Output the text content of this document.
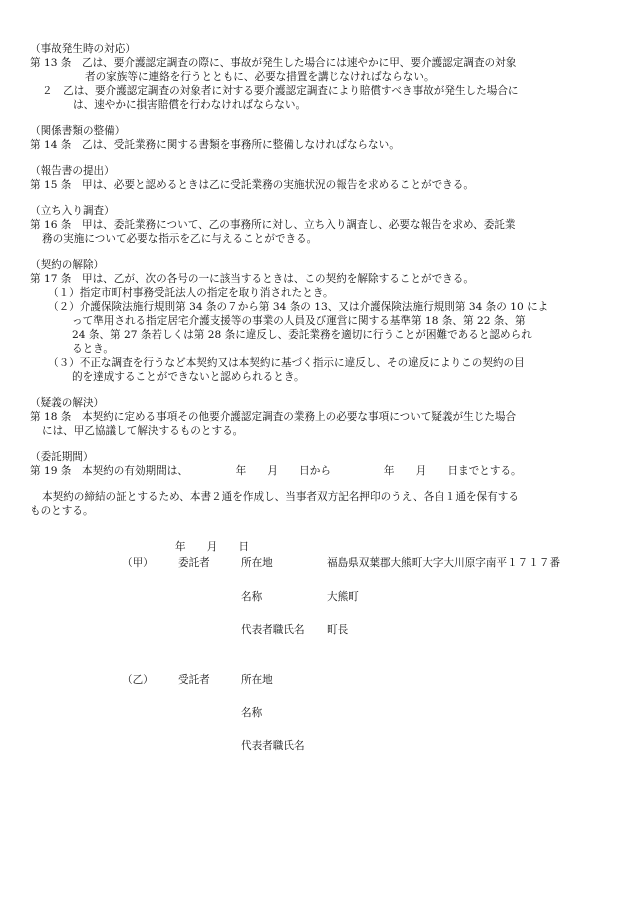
（事故発生時の対応）
第 13 条　乙は、要介護認定調査の際に、事故が発生した場合には速やかに甲、要介護認定調査の対象
者の家族等に連絡を行うとともに、必要な措置を講じなければならない。
２　乙は、要介護認定調査の対象者に対する要介護認定調査により賠償すべき事故が発生した場合に
は、速やかに損害賠償を行わなければならない。
（関係書類の整備）
第 14 条　乙は、受託業務に関する書類を事務所に整備しなければならない。
（報告書の提出）
第 15 条　甲は、必要と認めるときは乙に受託業務の実施状況の報告を求めることができる。
（立ち入り調査）
第 16 条　甲は、委託業務について、乙の事務所に対し、立ち入り調査し、必要な報告を求め、委託業
務の実施について必要な指示を乙に与えることができる。
（契約の解除）
第 17 条　甲は、乙が、次の各号の一に該当するときは、この契約を解除することができる。
（１）指定市町村事務受託法人の指定を取り消されたとき。
（２）介護保険法施行規則第 34 条の７から第 34 条の 13、又は介護保険法施行規則第 34 条の 10 によ
って準用される指定居宅介護支援等の事業の人員及び運営に関する基準第 18 条、第 22 条、第
24 条、第 27 条若しくは第 28 条に違反し、委託業務を適切に行うことが困難であると認められ
るとき。
（３）不正な調査を行うなど本契約又は本契約に基づく指示に違反し、その違反によりこの契約の目
的を達成することができないと認められるとき。
（疑義の解決）
第 18 条　本契約に定める事項その他要介護認定調査の業務上の必要な事項について疑義が生じた場合
には、甲乙協議して解決するものとする。
（委託期間）
第 19 条　本契約の有効期間は、　　　　　年　　月　　日から　　　　　年　　月　　日までとする。
本契約の締結の証とするため、本書２通を作成し、当事者双方記名押印のうえ、各自１通を保有する
ものとする。
年　　月　　日
（甲） 委託者	所在地	福島県双葉郡大熊町大字大川原字南平１７１７番
名称	大熊町
代表者職氏名 町長
（乙） 受託者	所在地
名称
代表者職氏名
